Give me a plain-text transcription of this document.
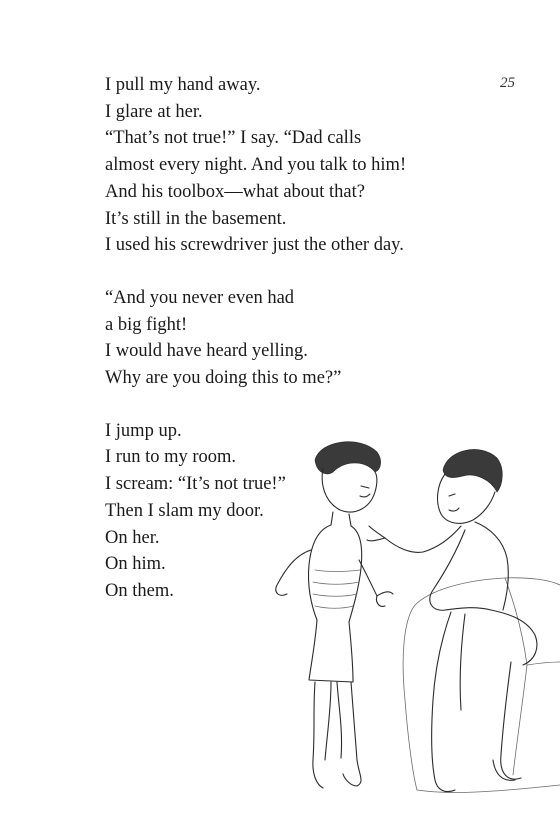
25
I pull my hand away.
I glare at her.
“That’s not true!” I say. “Dad calls
almost every night. And you talk to him!
And his toolbox—what about that?
It’s still in the basement.
I used his screwdriver just the other day.
“And you never even had
a big fight!
I would have heard yelling.
Why are you doing this to me?”
I jump up.
I run to my room.
I scream: “It’s not true!”
Then I slam my door.
On her.
On him.
On them.
